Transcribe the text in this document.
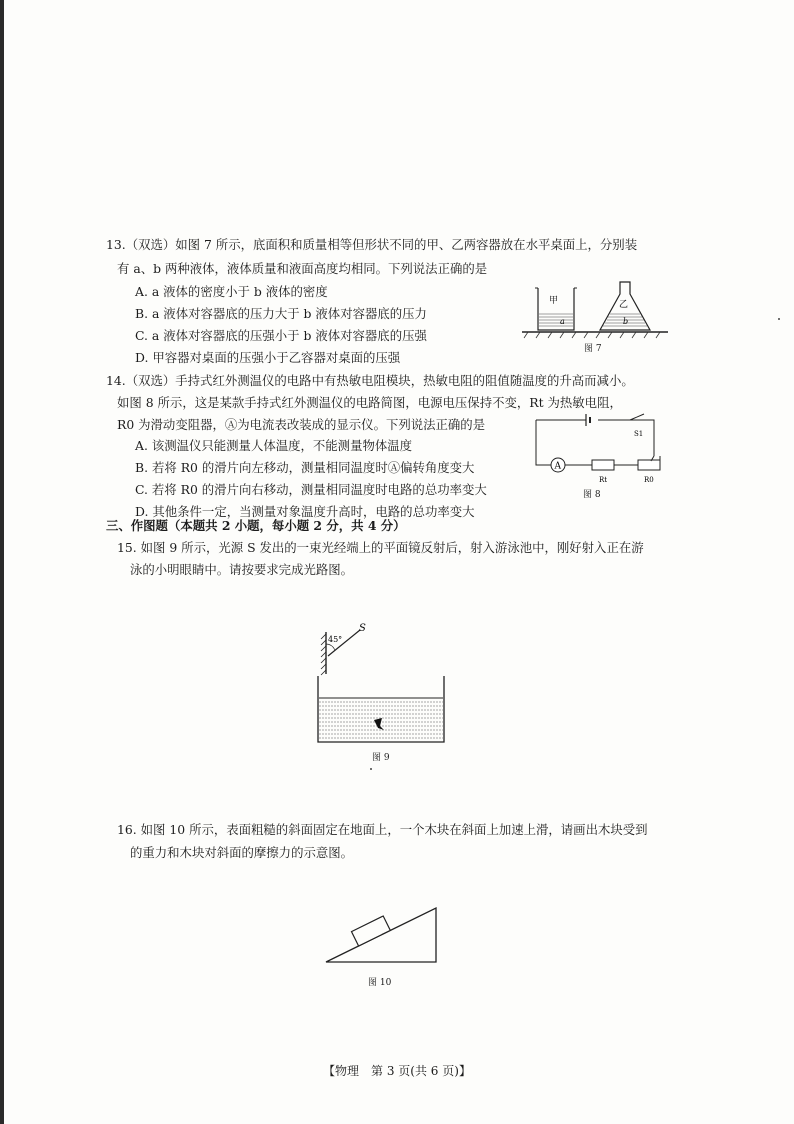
13.（双选）如图 7 所示，底面积和质量相等但形状不同的甲、乙两容器放在水平桌面上，分别装
有 a、b 两种液体，液体质量和液面高度均相同。下列说法正确的是
A. a 液体的密度小于 b 液体的密度
B. a 液体对容器底的压力大于 b 液体对容器底的压力
C. a 液体对容器底的压强小于 b 液体对容器底的压强
D. 甲容器对桌面的压强小于乙容器对桌面的压强
甲
a
乙
b
图 7
14.（双选）手持式红外测温仪的电路中有热敏电阻模块，热敏电阻的阻值随温度的升高而减小。
如图 8 所示，这是某款手持式红外测温仪的电路简图，电源电压保持不变，Rt 为热敏电阻，
R0 为滑动变阻器，Ⓐ为电流表改装成的显示仪。下列说法正确的是
A. 该测温仪只能测量人体温度，不能测量物体温度
B. 若将 R0 的滑片向左移动，测量相同温度时Ⓐ偏转角度变大
C. 若将 R0 的滑片向右移动，测量相同温度时电路的总功率变大
D. 其他条件一定，当测量对象温度升高时，电路的总功率变大
S1
A
Rt	R0
图 8
三、作图题（本题共 2 小题，每小题 2 分，共 4 分）
15. 如图 9 所示，光源 S 发出的一束光经端上的平面镜反射后，射入游泳池中，刚好射入正在游
泳的小明眼睛中。请按要求完成光路图。
45°
S
图 9
16. 如图 10 所示，表面粗糙的斜面固定在地面上，一个木块在斜面上加速上滑，请画出木块受到
的重力和木块对斜面的摩擦力的示意图。
图 10
【物理　第 3 页(共 6 页)】
